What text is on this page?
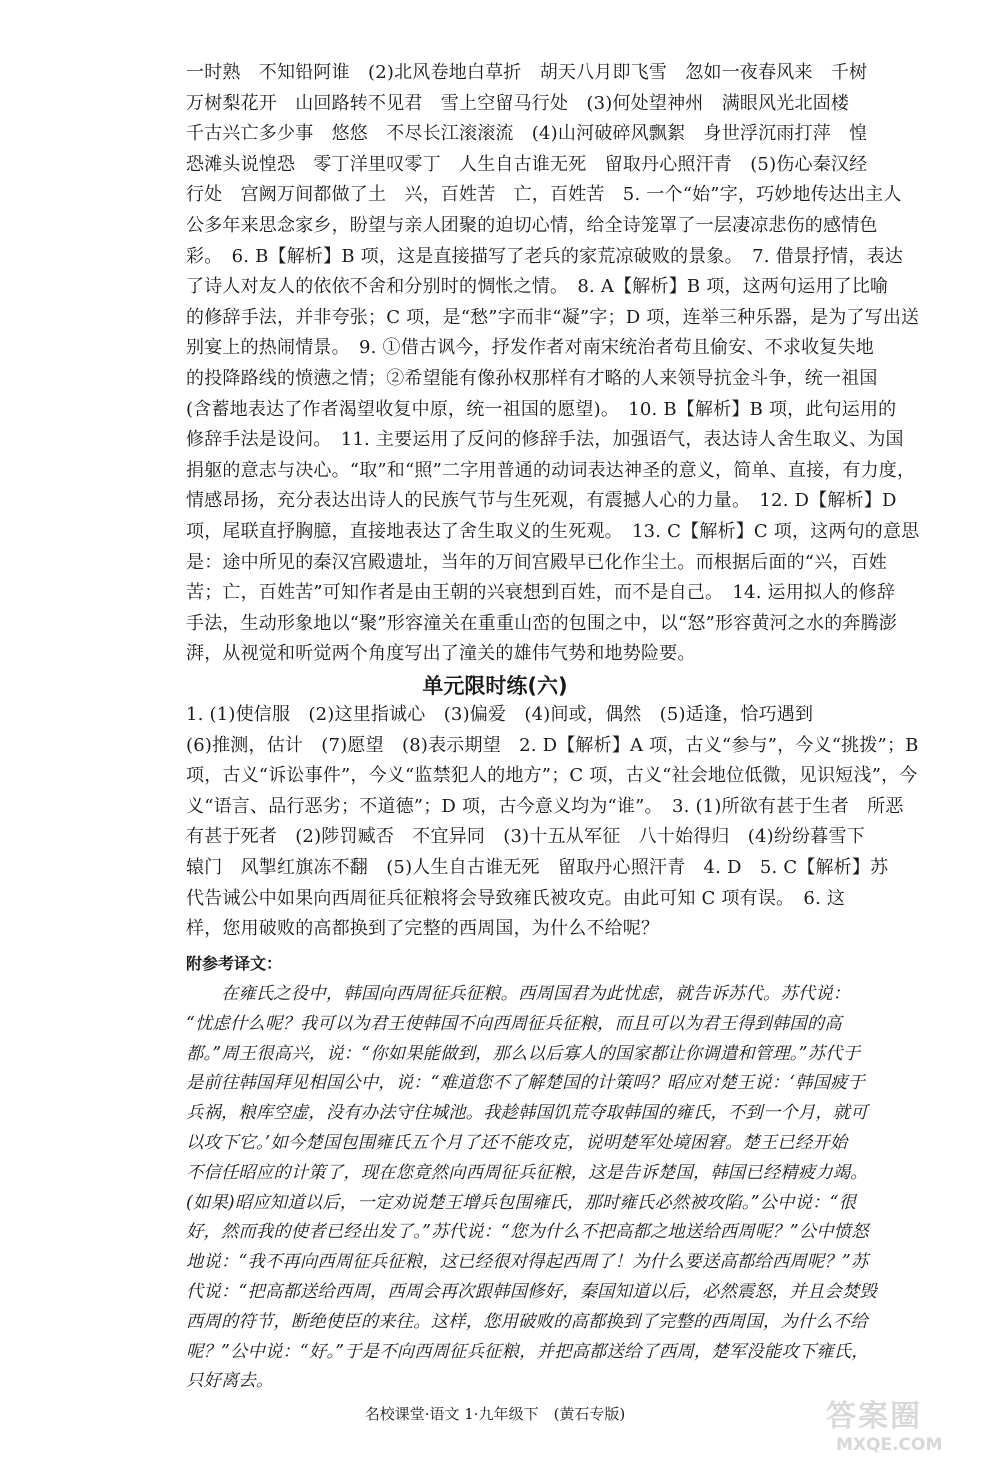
一时熟　不知铅阿谁　(2)北风卷地白草折　胡天八月即飞雪　忽如一夜春风来　千树
万树梨花开　山回路转不见君　雪上空留马行处　(3)何处望神州　满眼风光北固楼
千古兴亡多少事　悠悠　不尽长江滚滚流　(4)山河破碎风飘絮　身世浮沉雨打萍　惶
恐滩头说惶恐　零丁洋里叹零丁　人生自古谁无死　留取丹心照汗青　(5)伤心秦汉经
行处　宫阙万间都做了土　兴，百姓苦　亡，百姓苦　5. 一个“始”字，巧妙地传达出主人
公多年来思念家乡，盼望与亲人团聚的迫切心情，给全诗笼罩了一层凄凉悲伤的感情色
彩。　6. B【解析】B 项，这是直接描写了老兵的家荒凉破败的景象。　7. 借景抒情，表达
了诗人对友人的依依不舍和分别时的惆怅之情。　8. A【解析】B 项，这两句运用了比喻
的修辞手法，并非夸张；C 项，是“愁”字而非“凝”字；D 项，连举三种乐器，是为了写出送
别宴上的热闹情景。　9. ①借古讽今，抒发作者对南宋统治者苟且偷安、不求收复失地
的投降路线的愤懑之情；②希望能有像孙权那样有才略的人来领导抗金斗争，统一祖国
(含蓄地表达了作者渴望收复中原，统一祖国的愿望)。　10. B【解析】B 项，此句运用的
修辞手法是设问。　11. 主要运用了反问的修辞手法，加强语气，表达诗人舍生取义、为国
捐躯的意志与决心。“取”和“照”二字用普通的动词表达神圣的意义，简单、直接，有力度，
情感昂扬，充分表达出诗人的民族气节与生死观，有震撼人心的力量。　12. D【解析】D
项，尾联直抒胸臆，直接地表达了舍生取义的生死观。　13. C【解析】C 项，这两句的意思
是：途中所见的秦汉宫殿遗址，当年的万间宫殿早已化作尘土。而根据后面的“兴，百姓
苦；亡，百姓苦”可知作者是由王朝的兴衰想到百姓，而不是自己。　14. 运用拟人的修辞
手法，生动形象地以“聚”形容潼关在重重山峦的包围之中，以“怒”形容黄河之水的奔腾澎
湃，从视觉和听觉两个角度写出了潼关的雄伟气势和地势险要。
单元限时练(六)
1. (1)使信服　(2)这里指诚心　(3)偏爱　(4)间或，偶然　(5)适逢，恰巧遇到
(6)推测，估计　(7)愿望　(8)表示期望　2. D【解析】A 项，古义“参与”，今义“挑拨”；B
项，古义“诉讼事件”，今义“监禁犯人的地方”；C 项，古义“社会地位低微，见识短浅”，今
义“语言、品行恶劣；不道德”；D 项，古今意义均为“谁”。　3. (1)所欲有甚于生者　所恶
有甚于死者　(2)陟罚臧否　不宜异同　(3)十五从军征　八十始得归　(4)纷纷暮雪下
辕门　风掣红旗冻不翻　(5)人生自古谁无死　留取丹心照汗青　4. D　5. C【解析】苏
代告诫公中如果向西周征兵征粮将会导致雍氏被攻克。由此可知 C 项有误。　6. 这
样，您用破败的高都换到了完整的西周国，为什么不给呢？
附参考译文：
　　在雍氏之役中，韩国向西周征兵征粮。西周国君为此忧虑，就告诉苏代。苏代说：
“忧虑什么呢？我可以为君王使韩国不向西周征兵征粮，而且可以为君王得到韩国的高
都。”周王很高兴，说：“你如果能做到，那么以后寡人的国家都让你调遣和管理。”苏代于
是前往韩国拜见相国公中，说：“难道您不了解楚国的计策吗？昭应对楚王说：‘韩国疲于
兵祸，粮库空虚，没有办法守住城池。我趁韩国饥荒夺取韩国的雍氏，不到一个月，就可
以攻下它。’如今楚国包围雍氏五个月了还不能攻克，说明楚军处境困窘。楚王已经开始
不信任昭应的计策了，现在您竟然向西周征兵征粮，这是告诉楚国，韩国已经精疲力竭。
(如果)昭应知道以后，一定劝说楚王增兵包围雍氏，那时雍氏必然被攻陷。”公中说：“很
好，然而我的使者已经出发了。”苏代说：“您为什么不把高都之地送给西周呢？”公中愤怒
地说：“我不再向西周征兵征粮，这已经很对得起西周了！为什么要送高都给西周呢？”苏
代说：“把高都送给西周，西周会再次跟韩国修好，秦国知道以后，必然震怒，并且会焚毁
西周的符节，断绝使臣的来往。这样，您用破败的高都换到了完整的西周国，为什么不给
呢？”公中说：“好。”于是不向西周征兵征粮，并把高都送给了西周，楚军没能攻下雍氏，
只好离去。
名校课堂·语文 1·九年级下　(黄石专版)	答案圈
MXQE.COM
